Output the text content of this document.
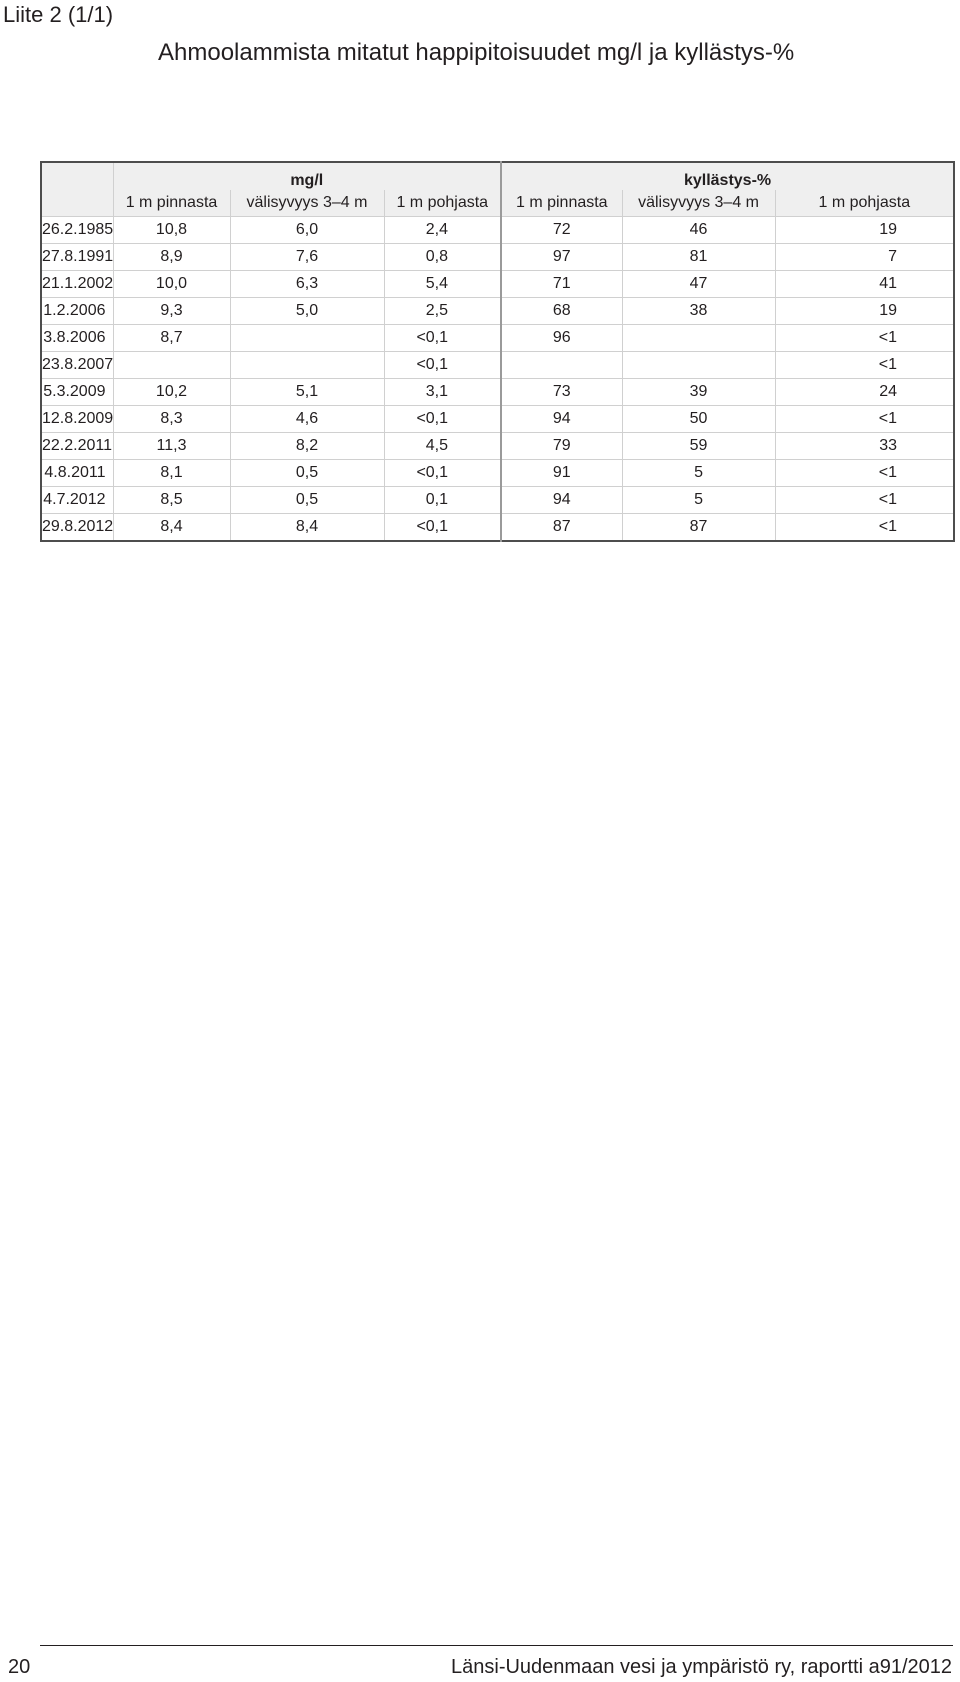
Liite 2 (1/1)
Ahmoolammista mitatut happipitoisuudet mg/l ja kyllästys-%
	mg/l			kyllästys-%		
	1 m pinnasta	välisyvyys 3–4 m	1 m pohjasta	1 m pinnasta	välisyvyys 3–4 m	1 m pohjasta
26.2.1985	10,8	6,0	2,4	72	46	19
27.8.1991	8,9	7,6	0,8	97	81	7
21.1.2002	10,0	6,3	5,4	71	47	41
1.2.2006	9,3	5,0	2,5	68	38	19
3.8.2006	8,7		<0,1	96		<1
23.8.2007			<0,1			<1
5.3.2009	10,2	5,1	3,1	73	39	24
12.8.2009	8,3	4,6	<0,1	94	50	<1
22.2.2011	11,3	8,2	4,5	79	59	33
4.8.2011	8,1	0,5	<0,1	91	5	<1
4.7.2012	8,5	0,5	0,1	94	5	<1
29.8.2012	8,4	8,4	<0,1	87	87	<1
20	Länsi-Uudenmaan vesi ja ympäristö ry, raportti a91/2012
